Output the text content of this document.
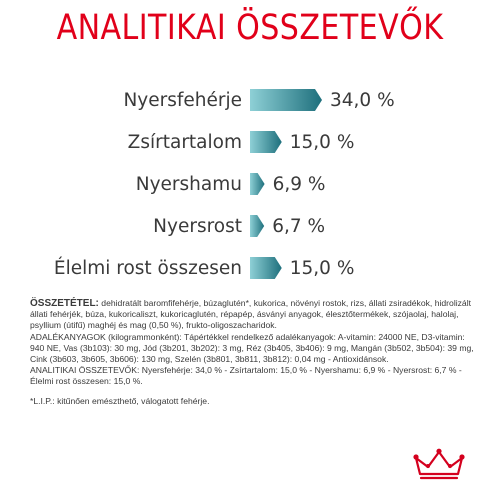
ANALITIKAI ÖSSZETEVŐK
Nyersfehérje	34,0 %
Zsírtartalom	15,0 %
Nyershamu 6,9 %
Nyersrost 6,7 %
Élelmi rost összesen	15,0 %

ÖSSZETÉTEL: dehidratált baromfifehérje, búzaglutén*, kukorica, növényi rostok, rizs, állati zsiradékok, hidrolizált állati fehérjék, búza, kukoricaliszt, kukoricaglutén, répapép, ásványi anyagok, élesztőtermékek, szójaolaj, halolaj, psyllium (útifű) maghéj és mag (0,50 %), frukto-oligoszacharidok.

ADALÉKANYAGOK (kilogrammonként): Tápértékkel rendelkező adalékanyagok: A-vitamin: 24000 NE, D3-vitamin: 940 NE, Vas (3b103): 30 mg, Jód (3b201, 3b202): 3 mg, Réz (3b405, 3b406): 9 mg, Mangán (3b502, 3b504): 39 mg, Cink (3b603, 3b605, 3b606): 130 mg, Szelén (3b801, 3b811, 3b812): 0,04 mg - Antioxidánsok.

ANALITIKAI ÖSSZETEVŐK: Nyersfehérje: 34,0 % - Zsírtartalom: 15,0 % - Nyershamu: 6,9 % - Nyersrost: 6,7 % - Élelmi rost összesen: 15,0 %.

*L.I.P.: kitűnően emészthető, válogatott fehérje.
